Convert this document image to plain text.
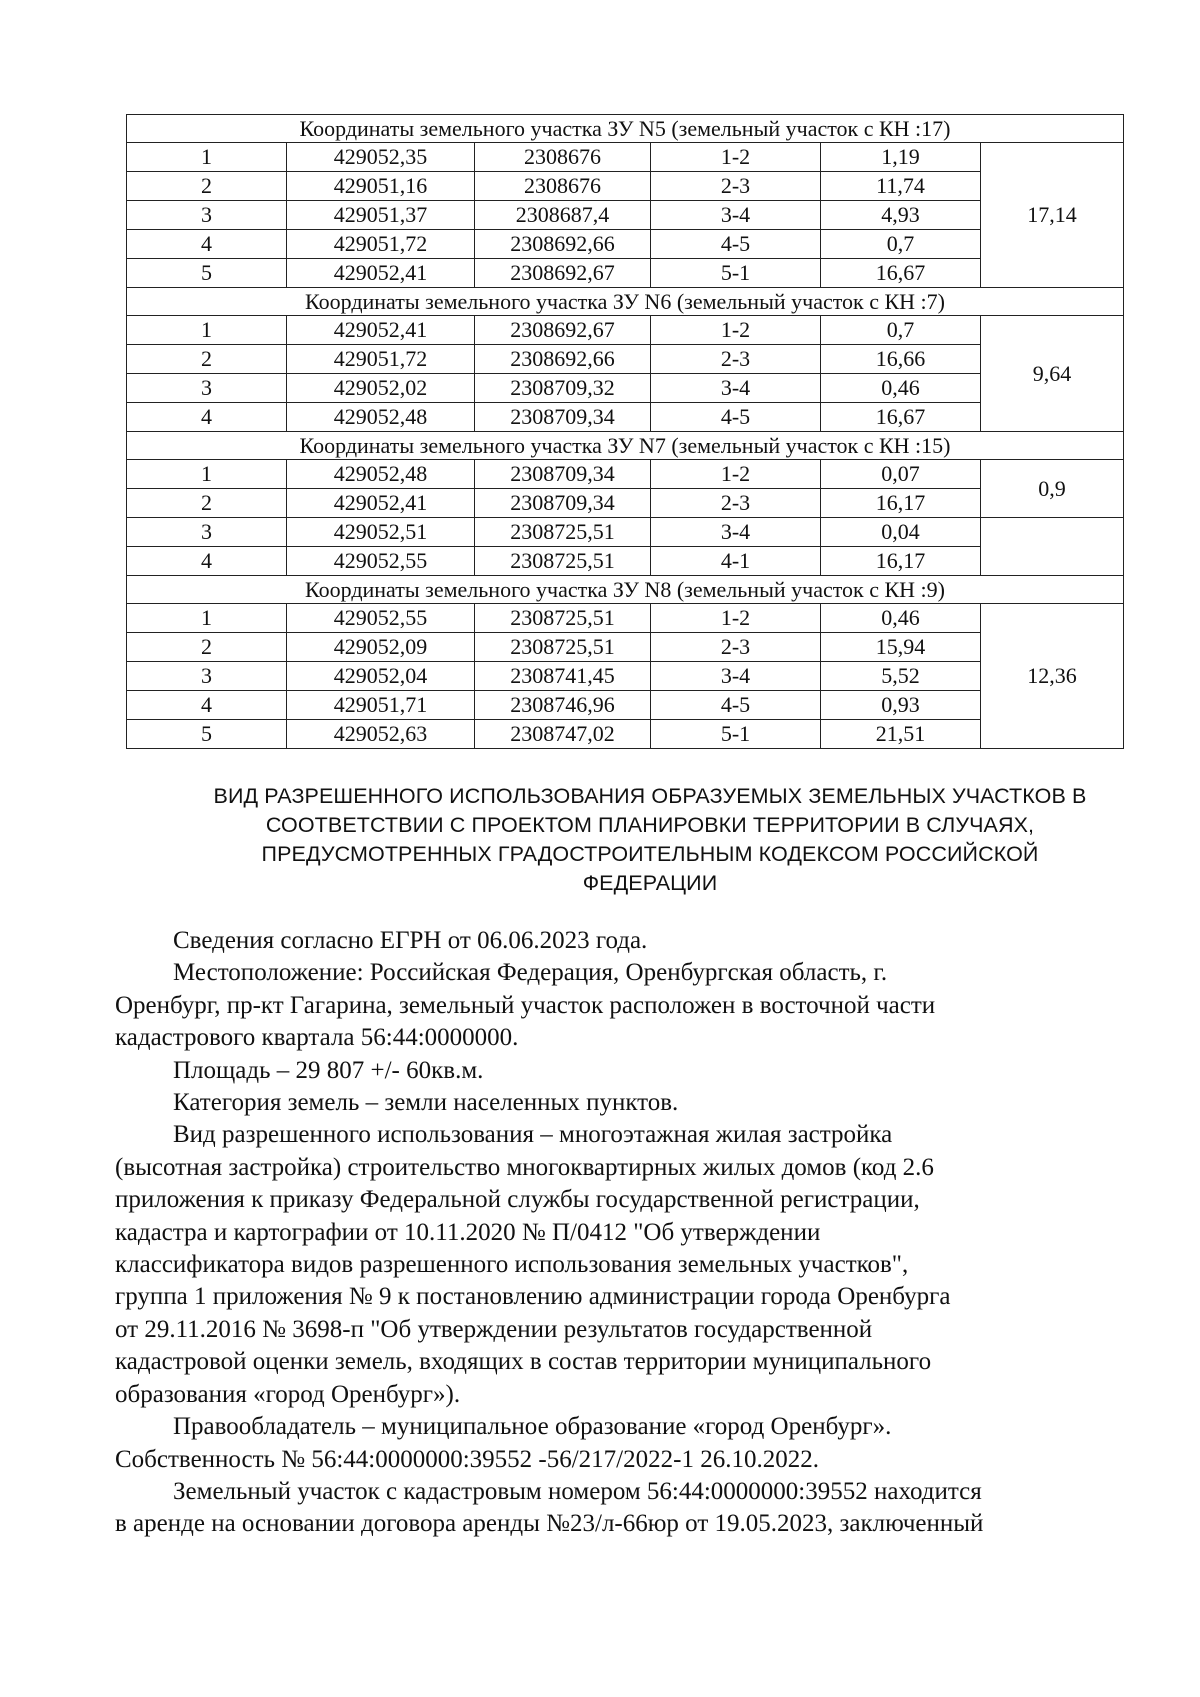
Координаты земельного участка ЗУ N5 (земельный участок с КН :17)					
1	429052,35	2308676	1-2	1,19	17,14
2	429051,16	2308676	2-3	11,74	
3	429051,37	2308687,4	3-4	4,93	
4	429051,72	2308692,66	4-5	0,7	
5	429052,41	2308692,67	5-1	16,67	
Координаты земельного участка ЗУ N6 (земельный участок с КН :7)					
1	429052,41	2308692,67	1-2	0,7	9,64
2	429051,72	2308692,66	2-3	16,66	
3	429052,02	2308709,32	3-4	0,46	
4	429052,48	2308709,34	4-5	16,67	
Координаты земельного участка ЗУ N7 (земельный участок с КН :15)					
1	429052,48	2308709,34	1-2	0,07	0,9
2	429052,41	2308709,34	2-3	16,17	
3	429052,51	2308725,51	3-4	0,04	
4	429052,55	2308725,51	4-1	16,17	
Координаты земельного участка ЗУ N8 (земельный участок с КН :9)					
1	429052,55	2308725,51	1-2	0,46	12,36
2	429052,09	2308725,51	2-3	15,94	
3	429052,04	2308741,45	3-4	5,52	
4	429051,71	2308746,96	4-5	0,93	
5	429052,63	2308747,02	5-1	21,51	
ВИД РАЗРЕШЕННОГО ИСПОЛЬЗОВАНИЯ ОБРАЗУЕМЫХ ЗЕМЕЛЬНЫХ УЧАСТКОВ В
СООТВЕТСТВИИ С ПРОЕКТОМ ПЛАНИРОВКИ ТЕРРИТОРИИ В СЛУЧАЯХ,
ПРЕДУСМОТРЕННЫХ ГРАДОСТРОИТЕЛЬНЫМ КОДЕКСОМ РОССИЙСКОЙ
ФЕДЕРАЦИИ
Сведения согласно ЕГРН от 06.06.2023 года.
Местоположение: Российская Федерация, Оренбургская область, г.
Оренбург, пр-кт Гагарина, земельный участок расположен в восточной части
кадастрового квартала 56:44:0000000.
Площадь – 29 807 +/- 60кв.м.
Категория земель – земли населенных пунктов.
Вид разрешенного использования – многоэтажная жилая застройка
(высотная застройка) строительство многоквартирных жилых домов (код 2.6
приложения к приказу Федеральной службы государственной регистрации,
кадастра и картографии от 10.11.2020 № П/0412 "Об утверждении
классификатора видов разрешенного использования земельных участков",
группа 1 приложения № 9 к постановлению администрации города Оренбурга
от 29.11.2016 № 3698-п "Об утверждении результатов государственной
кадастровой оценки земель, входящих в состав территории муниципального
образования «город Оренбург»).
Правообладатель – муниципальное образование «город Оренбург».
Собственность № 56:44:0000000:39552 -56/217/2022-1 26.10.2022.
Земельный участок с кадастровым номером 56:44:0000000:39552 находится
в аренде на основании договора аренды №23/л-66юр от 19.05.2023, заключенный
